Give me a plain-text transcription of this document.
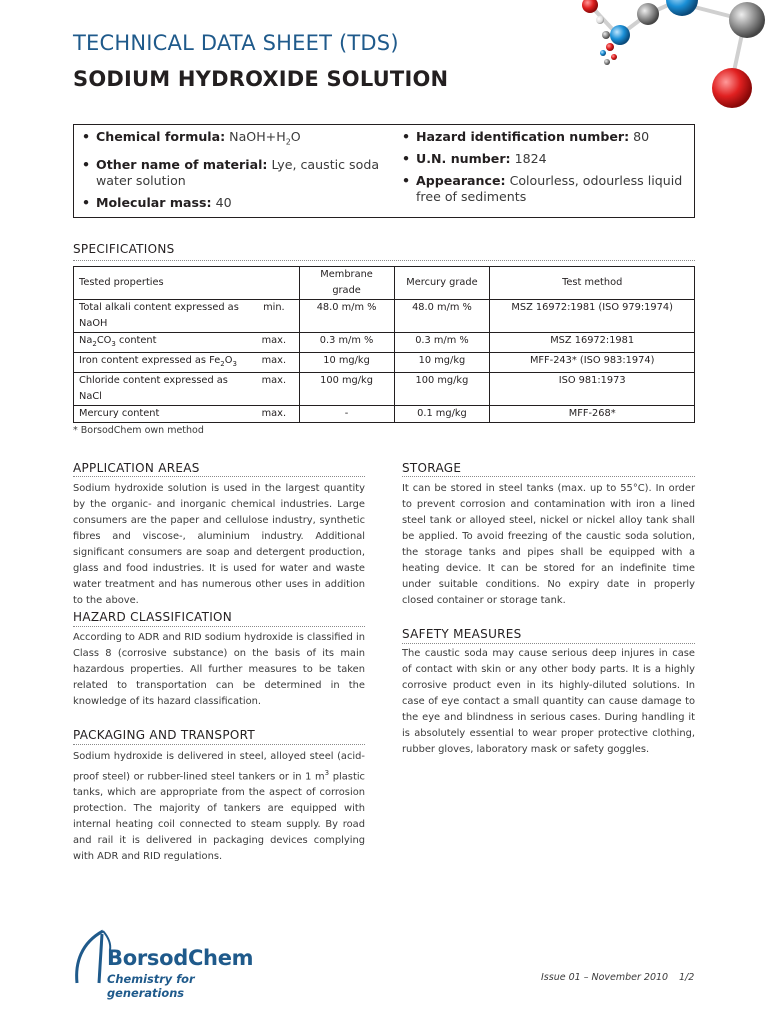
TECHNICAL DATA SHEET (TDS)
SODIUM HYDROXIDE SOLUTION
• Chemical formula: $NaOH+H_2O$
• Other name of material: Lye, caustic soda water solution
• Molecular mass: 40
• Hazard identification number: 80
• U.N. number: 1824
• Appearance: Colourless, odourless liquid free of sediments
SPECIFICATIONS
Tested properties		Membrane grade	Mercury grade	Test method
Total alkali content expressed as NaOH	min.	48.0 m/m %	48.0 m/m %	MSZ 16972:1981 (ISO 979:1974)
$Na_2CO_3$ content	max.	0.3 m/m %	0.3 m/m %	MSZ 16972:1981
Iron content expressed as $Fe_2O_3$	max.	10 mg/kg	10 mg/kg	MFF-243* (ISO 983:1974)
Chloride content expressed as NaCl	max.	100 mg/kg	100 mg/kg	ISO 981:1973
Mercury content	max.	-	0.1 mg/kg	MFF-268*
* BorsodChem own method
APPLICATION AREAS
Sodium hydroxide solution is used in the largest quantity by the organic- and inorganic chemical industries. Large consumers are the paper and cellulose industry, synthetic fibres and viscose-, aluminium industry. Additional significant consumers are soap and detergent production, glass and food industries. It is used for water and waste water treatment and has numerous other uses in addition to the above.
HAZARD CLASSIFICATION
According to ADR and RID sodium hydroxide is classified in Class 8 (corrosive substance) on the basis of its main hazardous properties. All further measures to be taken related to transportation can be determined in the knowledge of its hazard classification.
PACKAGING AND TRANSPORT
Sodium hydroxide is delivered in steel, alloyed steel (acid-proof steel) or rubber-lined steel tankers or in 1 $m^3$ plastic tanks, which are appropriate from the aspect of corrosion protection. The majority of tankers are equipped with internal heating coil connected to steam supply. By road and rail it is delivered in packaging devices complying with ADR and RID regulations.
STORAGE
It can be stored in steel tanks (max. up to 55°C). In order to prevent corrosion and contamination with iron a lined steel tank or alloyed steel, nickel or nickel alloy tank shall be applied. To avoid freezing of the caustic soda solution, the storage tanks and pipes shall be equipped with a heating device. It can be stored for an indefinite time under suitable conditions. No expiry date in properly closed container or storage tank.
SAFETY MEASURES
The caustic soda may cause serious deep injures in case of contact with skin or any other body parts. It is a highly corrosive product even in its highly-diluted solutions. In case of eye contact a small quantity can cause damage to the eye and blindness in serious cases. During handling it is absolutely essential to wear proper protective clothing, rubber gloves, laboratory mask or safety goggles.
BorsodChem
Chemistry for generations
Issue 01 – November 2010 1/2
